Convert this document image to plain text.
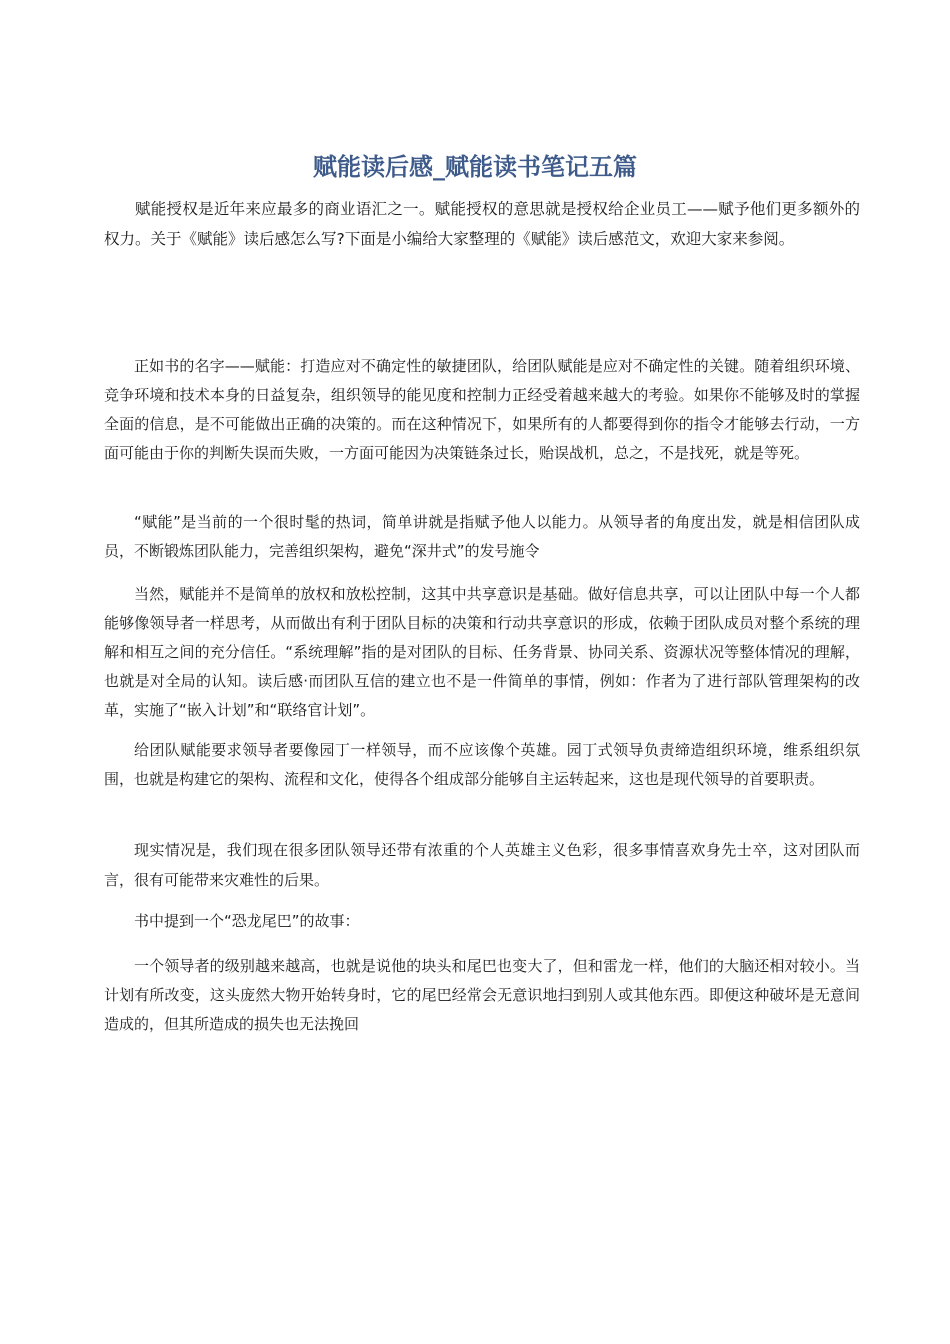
赋能读后感_赋能读书笔记五篇
赋能授权是近年来应最多的商业语汇之一。赋能授权的意思就是授权给企业员工——赋予他们更多额外的权力。关于《赋能》读后感怎么写?下面是小编给大家整理的《赋能》读后感范文，欢迎大家来参阅。
正如书的名字——赋能：打造应对不确定性的敏捷团队，给团队赋能是应对不确定性的关键。随着组织环境、竞争环境和技术本身的日益复杂，组织领导的能见度和控制力正经受着越来越大的考验。如果你不能够及时的掌握全面的信息，是不可能做出正确的决策的。而在这种情况下，如果所有的人都要得到你的指令才能够去行动，一方面可能由于你的判断失误而失败，一方面可能因为决策链条过长，贻误战机，总之，不是找死，就是等死。
“赋能”是当前的一个很时髦的热词，简单讲就是指赋予他人以能力。从领导者的角度出发，就是相信团队成员，不断锻炼团队能力，完善组织架构，避免“深井式”的发号施令
当然，赋能并不是简单的放权和放松控制，这其中共享意识是基础。做好信息共享，可以让团队中每一个人都能够像领导者一样思考，从而做出有利于团队目标的决策和行动共享意识的形成，依赖于团队成员对整个系统的理解和相互之间的充分信任。“系统理解”指的是对团队的目标、任务背景、协同关系、资源状况等整体情况的理解，也就是对全局的认知。读后感·而团队互信的建立也不是一件简单的事情，例如：作者为了进行部队管理架构的改革，实施了“嵌入计划”和“联络官计划”。
给团队赋能要求领导者要像园丁一样领导，而不应该像个英雄。园丁式领导负责缔造组织环境，维系组织氛围，也就是构建它的架构、流程和文化，使得各个组成部分能够自主运转起来，这也是现代领导的首要职责。
现实情况是，我们现在很多团队领导还带有浓重的个人英雄主义色彩，很多事情喜欢身先士卒，这对团队而言，很有可能带来灾难性的后果。
书中提到一个“恐龙尾巴”的故事：
一个领导者的级别越来越高，也就是说他的块头和尾巴也变大了，但和雷龙一样，他们的大脑还相对较小。当计划有所改变，这头庞然大物开始转身时，它的尾巴经常会无意识地扫到别人或其他东西。即便这种破坏是无意间造成的，但其所造成的损失也无法挽回
